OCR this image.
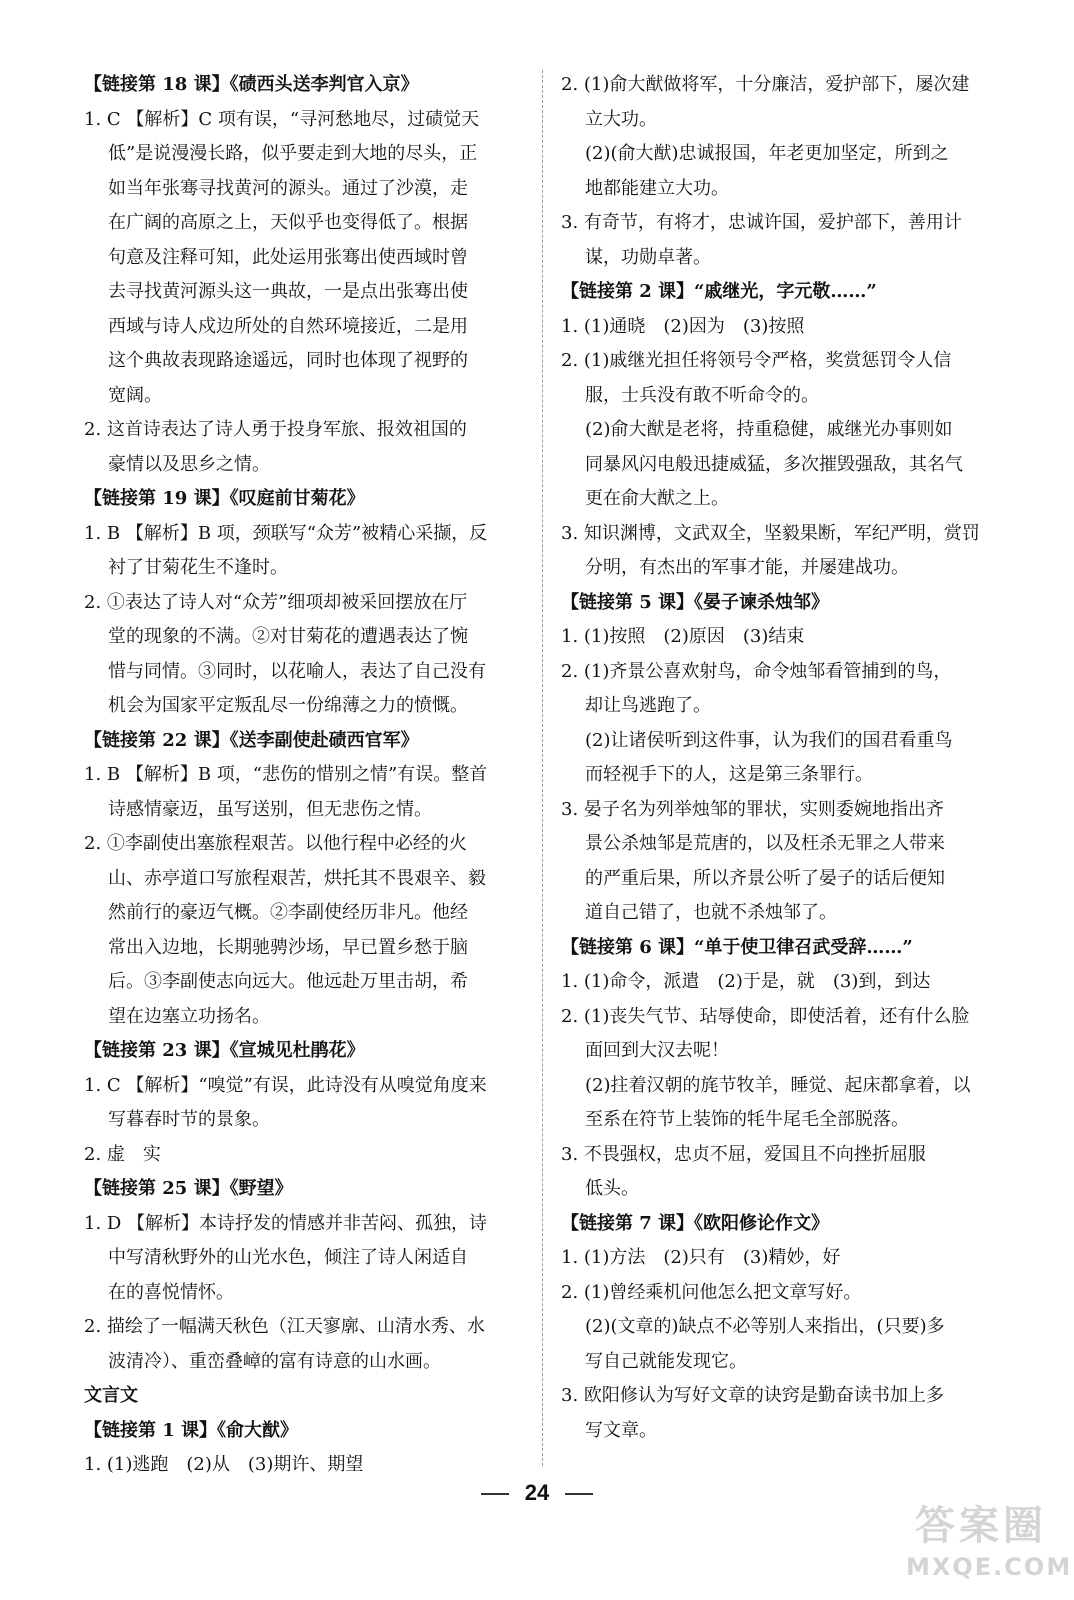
【链接第 18 课】《碛西头送李判官入京》
1. C 【解析】C 项有误，“寻河愁地尽，过碛觉天
低”是说漫漫长路，似乎要走到大地的尽头，正
如当年张骞寻找黄河的源头。通过了沙漠，走
在广阔的高原之上，天似乎也变得低了。根据
句意及注释可知，此处运用张骞出使西域时曾
去寻找黄河源头这一典故，一是点出张骞出使
西域与诗人戍边所处的自然环境接近，二是用
这个典故表现路途遥远，同时也体现了视野的
宽阔。
2. 这首诗表达了诗人勇于投身军旅、报效祖国的
豪情以及思乡之情。
【链接第 19 课】《叹庭前甘菊花》
1. B 【解析】B 项，颈联写“众芳”被精心采撷，反
衬了甘菊花生不逢时。
2. ①表达了诗人对“众芳”细项却被采回摆放在厅
堂的现象的不满。②对甘菊花的遭遇表达了惋
惜与同情。③同时，以花喻人，表达了自己没有
机会为国家平定叛乱尽一份绵薄之力的愤慨。
【链接第 22 课】《送李副使赴碛西官军》
1. B 【解析】B 项，“悲伤的惜别之情”有误。整首
诗感情豪迈，虽写送别，但无悲伤之情。
2. ①李副使出塞旅程艰苦。以他行程中必经的火
山、赤亭道口写旅程艰苦，烘托其不畏艰辛、毅
然前行的豪迈气概。②李副使经历非凡。他经
常出入边地，长期驰骋沙场，早已置乡愁于脑
后。③李副使志向远大。他远赴万里击胡，希
望在边塞立功扬名。
【链接第 23 课】《宣城见杜鹃花》
1. C 【解析】“嗅觉”有误，此诗没有从嗅觉角度来
写暮春时节的景象。
2. 虚　实
【链接第 25 课】《野望》
1. D 【解析】本诗抒发的情感并非苦闷、孤独，诗
中写清秋野外的山光水色，倾注了诗人闲适自
在的喜悦情怀。
2. 描绘了一幅满天秋色（江天寥廓、山清水秀、水
波清冷）、重峦叠嶂的富有诗意的山水画。
文言文
【链接第 1 课】《俞大猷》
1. (1)逃跑　(2)从　(3)期许、期望
2. (1)俞大猷做将军，十分廉洁，爱护部下，屡次建
立大功。
(2)(俞大猷)忠诚报国，年老更加坚定，所到之
地都能建立大功。
3. 有奇节，有将才，忠诚许国，爱护部下，善用计
谋，功勋卓著。
【链接第 2 课】“戚继光，字元敬……”
1. (1)通晓　(2)因为　(3)按照
2. (1)戚继光担任将领号令严格，奖赏惩罚令人信
服，士兵没有敢不听命令的。
(2)俞大猷是老将，持重稳健，戚继光办事则如
同暴风闪电般迅捷威猛，多次摧毁强敌，其名气
更在俞大猷之上。
3. 知识渊博，文武双全，坚毅果断，军纪严明，赏罚
分明，有杰出的军事才能，并屡建战功。
【链接第 5 课】《晏子谏杀烛邹》
1. (1)按照　(2)原因　(3)结束
2. (1)齐景公喜欢射鸟，命令烛邹看管捕到的鸟，
却让鸟逃跑了。
(2)让诸侯听到这件事，认为我们的国君看重鸟
而轻视手下的人，这是第三条罪行。
3. 晏子名为列举烛邹的罪状，实则委婉地指出齐
景公杀烛邹是荒唐的，以及枉杀无罪之人带来
的严重后果，所以齐景公听了晏子的话后便知
道自己错了，也就不杀烛邹了。
【链接第 6 课】“单于使卫律召武受辞……”
1. (1)命令，派遣　(2)于是，就　(3)到，到达
2. (1)丧失气节、玷辱使命，即使活着，还有什么脸
面回到大汉去呢！
(2)拄着汉朝的旄节牧羊，睡觉、起床都拿着，以
至系在符节上装饰的牦牛尾毛全部脱落。
3. 不畏强权，忠贞不屈，爱国且不向挫折屈服
低头。
【链接第 7 课】《欧阳修论作文》
1. (1)方法　(2)只有　(3)精妙，好
2. (1)曾经乘机问他怎么把文章写好。
(2)(文章的)缺点不必等别人来指出，(只要)多
写自己就能发现它。
3. 欧阳修认为写好文章的诀窍是勤奋读书加上多
写文章。
24
答案圈
MXQE.COM
